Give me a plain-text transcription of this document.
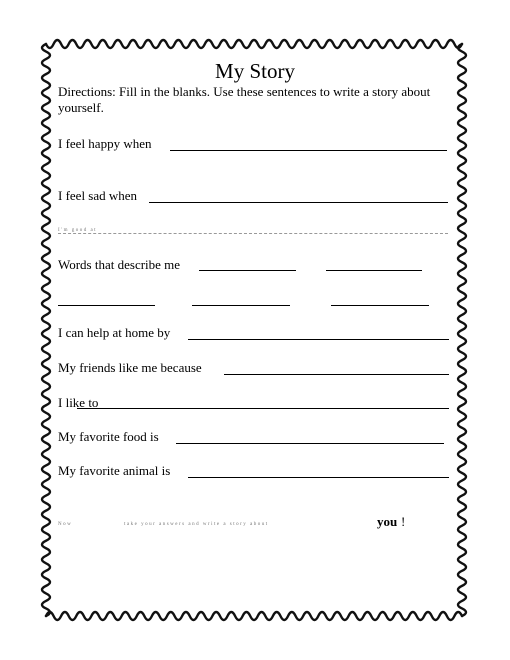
My Story
Directions: Fill in the blanks. Use these sentences to write a story about yourself.
I feel happy when
I feel sad when
I'm good at
Words that describe me
I can help at home by
My friends like me because
I like to
My favorite food is
My favorite animal is
Now	take your answers and write a story about	you !
